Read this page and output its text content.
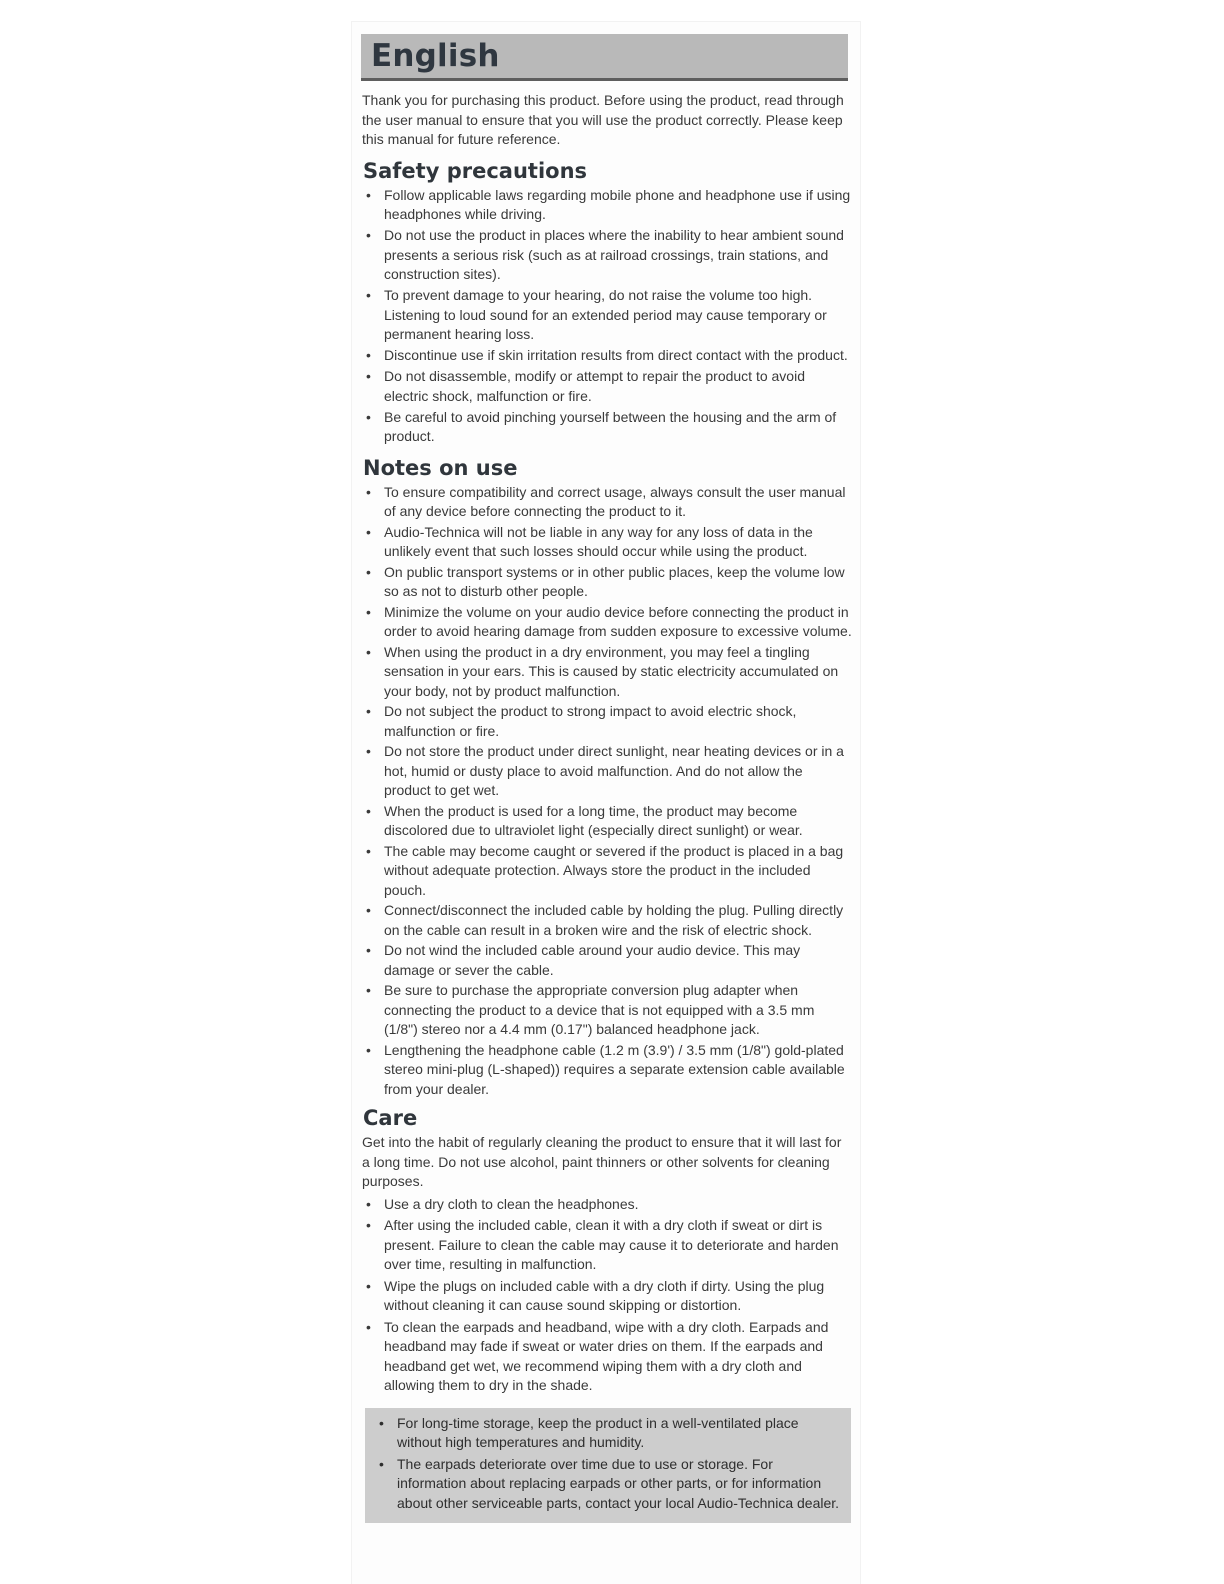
English

Thank you for purchasing this product. Before using the product, read through the user manual to ensure that you will use the product correctly. Please keep this manual for future reference.

Safety precautions
• Follow applicable laws regarding mobile phone and headphone use if using headphones while driving.
• Do not use the product in places where the inability to hear ambient sound presents a serious risk (such as at railroad crossings, train stations, and construction sites).
• To prevent damage to your hearing, do not raise the volume too high. Listening to loud sound for an extended period may cause temporary or permanent hearing loss.
• Discontinue use if skin irritation results from direct contact with the product.
• Do not disassemble, modify or attempt to repair the product to avoid electric shock, malfunction or fire.
• Be careful to avoid pinching yourself between the housing and the arm of product.
Notes on use
• To ensure compatibility and correct usage, always consult the user manual of any device before connecting the product to it.
• Audio-Technica will not be liable in any way for any loss of data in the unlikely event that such losses should occur while using the product.
• On public transport systems or in other public places, keep the volume low so as not to disturb other people.
• Minimize the volume on your audio device before connecting the product in order to avoid hearing damage from sudden exposure to excessive volume.
• When using the product in a dry environment, you may feel a tingling sensation in your ears. This is caused by static electricity accumulated on your body, not by product malfunction.
• Do not subject the product to strong impact to avoid electric shock, malfunction or fire.
• Do not store the product under direct sunlight, near heating devices or in a hot, humid or dusty place to avoid malfunction. And do not allow the product to get wet.
• When the product is used for a long time, the product may become discolored due to ultraviolet light (especially direct sunlight) or wear.
• The cable may become caught or severed if the product is placed in a bag without adequate protection. Always store the product in the included pouch.
• Connect/disconnect the included cable by holding the plug. Pulling directly on the cable can result in a broken wire and the risk of electric shock.
• Do not wind the included cable around your audio device. This may damage or sever the cable.
• Be sure to purchase the appropriate conversion plug adapter when connecting the product to a device that is not equipped with a 3.5 mm (1/8") stereo nor a 4.4 mm (0.17") balanced headphone jack.
• Lengthening the headphone cable (1.2 m (3.9') / 3.5 mm (1/8") gold-plated stereo mini-plug (L-shaped)) requires a separate extension cable available from your dealer.
Care

Get into the habit of regularly cleaning the product to ensure that it will last for a long time. Do not use alcohol, paint thinners or other solvents for cleaning purposes.

• Use a dry cloth to clean the headphones.
• After using the included cable, clean it with a dry cloth if sweat or dirt is present. Failure to clean the cable may cause it to deteriorate and harden over time, resulting in malfunction.
• Wipe the plugs on included cable with a dry cloth if dirty. Using the plug without cleaning it can cause sound skipping or distortion.
• To clean the earpads and headband, wipe with a dry cloth. Earpads and headband may fade if sweat or water dries on them. If the earpads and headband get wet, we recommend wiping them with a dry cloth and allowing them to dry in the shade.
• For long-time storage, keep the product in a well-ventilated place without high temperatures and humidity.
• The earpads deteriorate over time due to use or storage. For information about replacing earpads or other parts, or for information about other serviceable parts, contact your local Audio-Technica dealer.
